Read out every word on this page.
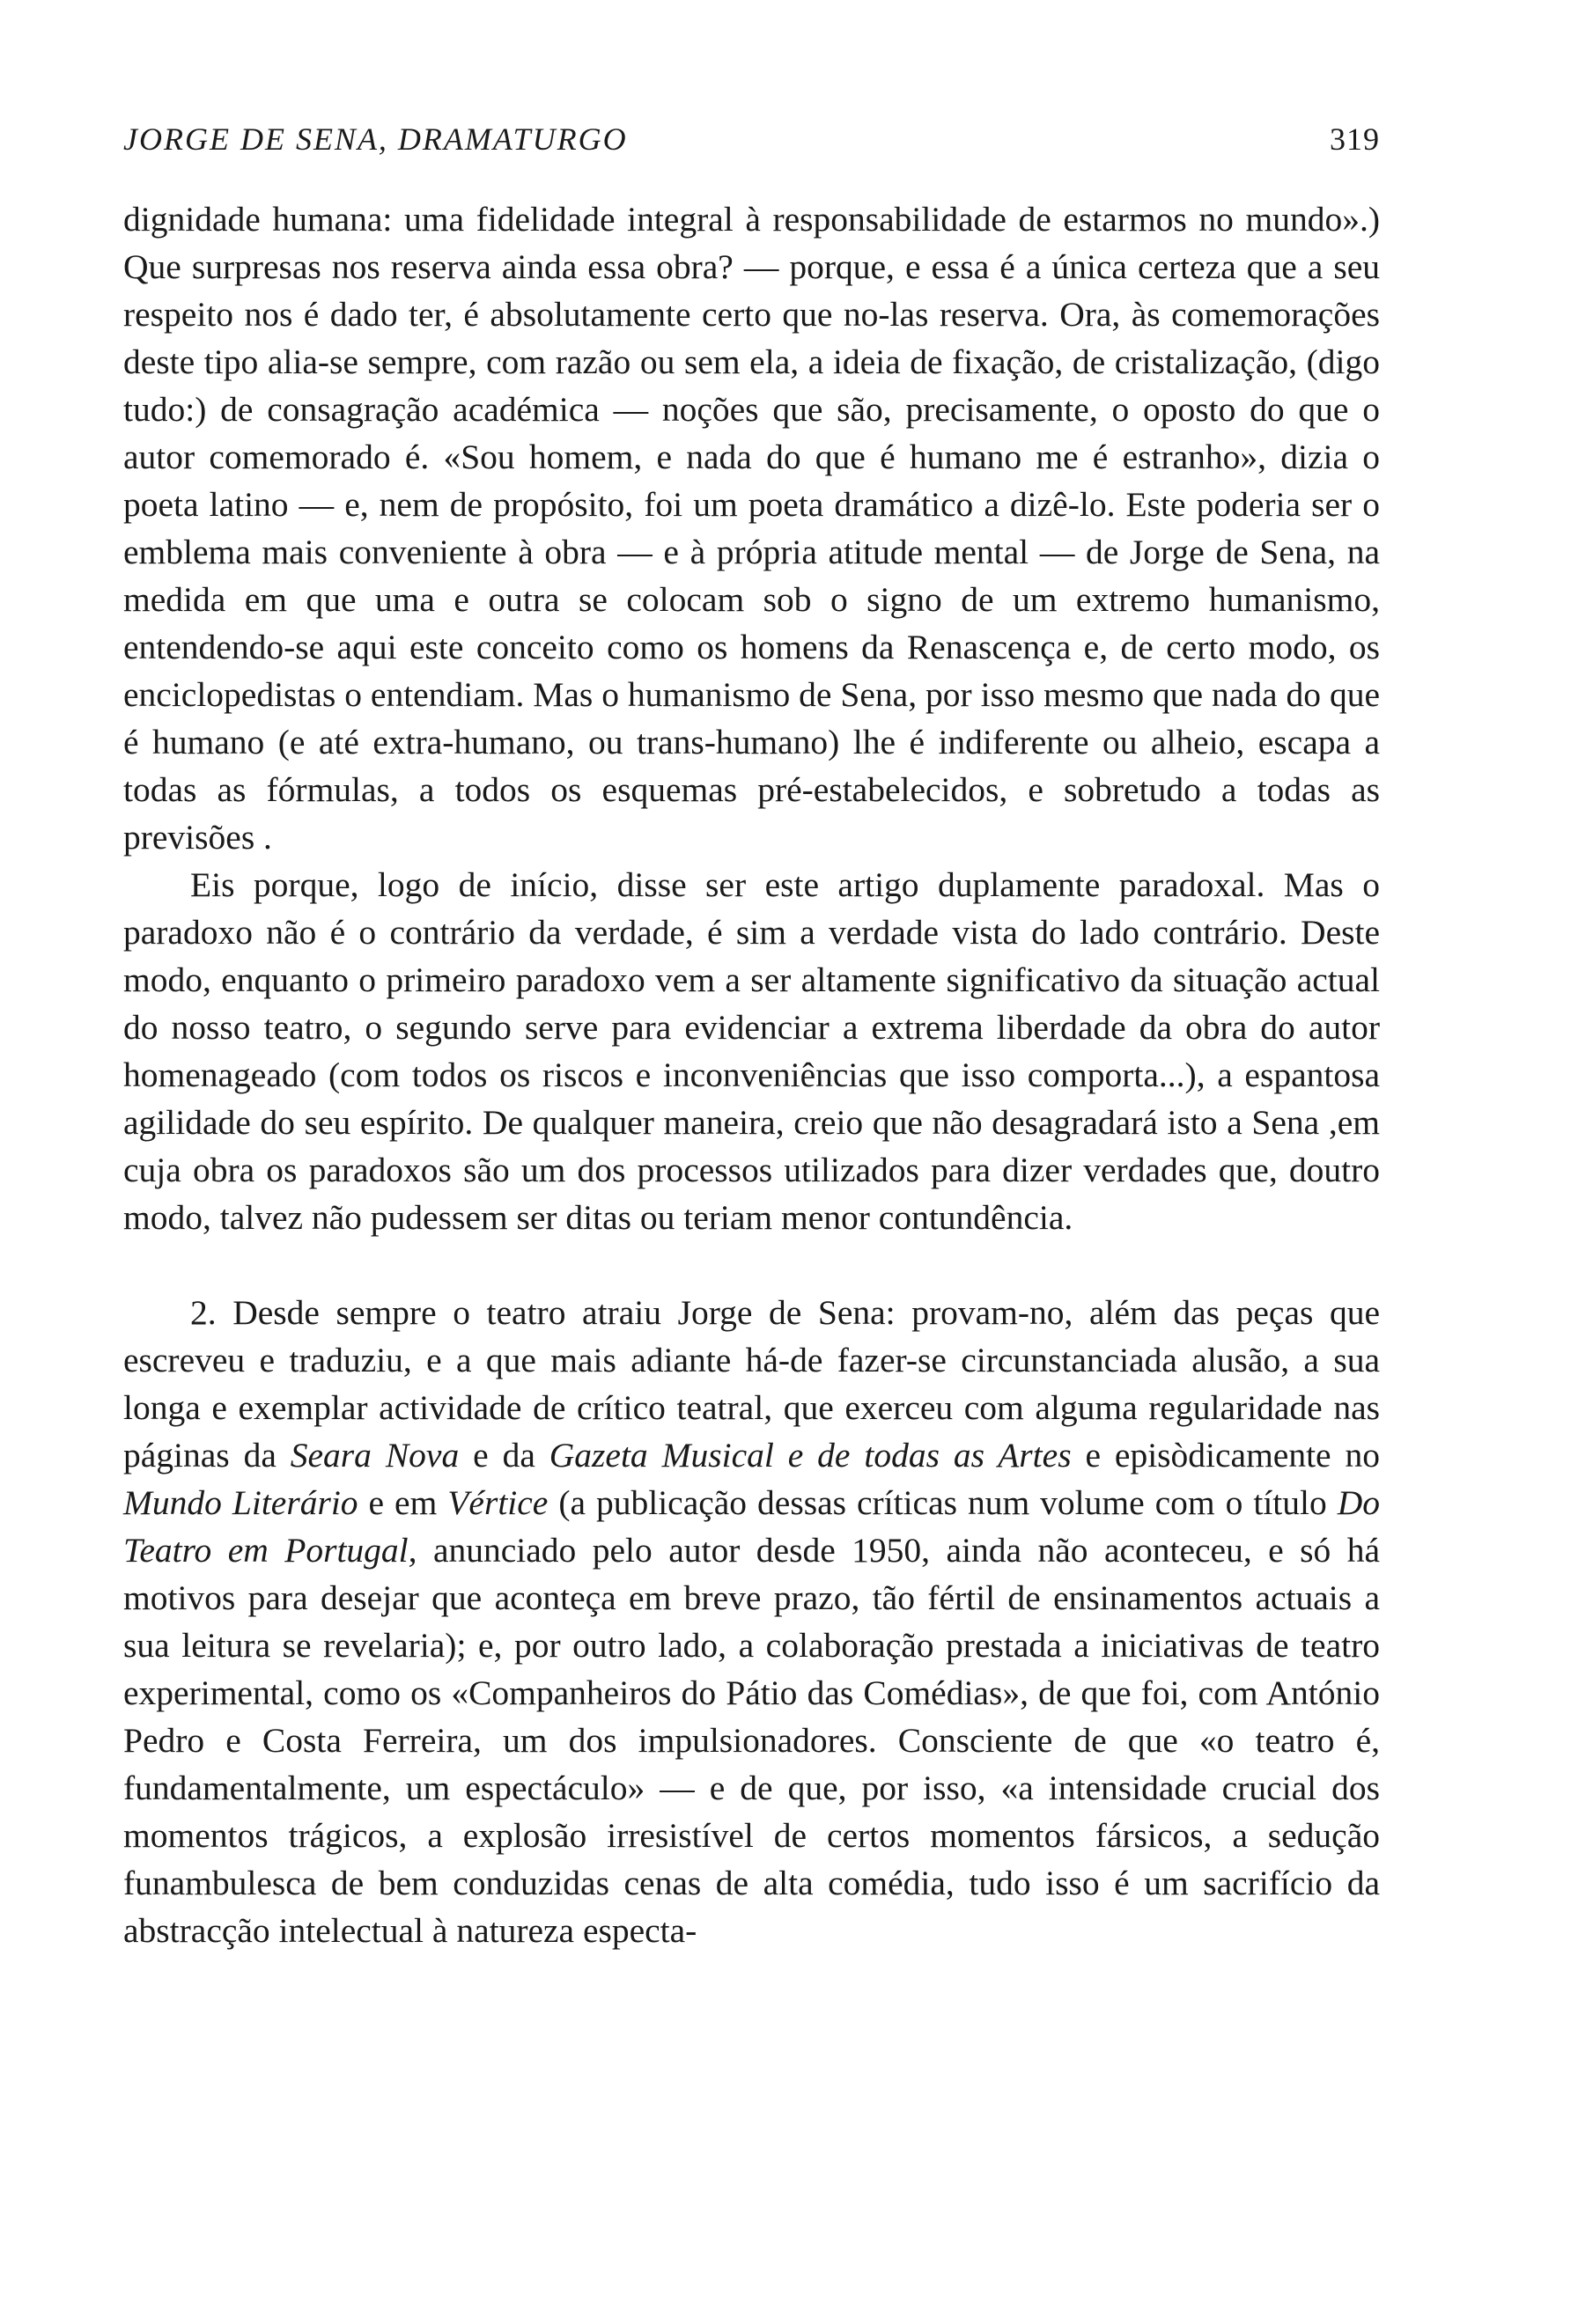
JORGE DE SENA, DRAMATURGO	319

dignidade humana: uma fidelidade integral à responsabilidade de estarmos no mundo».) Que surpresas nos reserva ainda essa obra? — porque, e essa é a única certeza que a seu respeito nos é dado ter, é absolutamente certo que no-las reserva. Ora, às comemorações deste tipo alia-se sempre, com razão ou sem ela, a ideia de fixação, de cristalização, (digo tudo:) de consagração académica — noções que são, precisamente, o oposto do que o autor comemorado é. «Sou homem, e nada do que é humano me é estranho», dizia o poeta latino — e, nem de propósito, foi um poeta dramático a dizê-lo. Este poderia ser o emblema mais conveniente à obra — e à própria atitude mental — de Jorge de Sena, na medida em que uma e outra se colocam sob o signo de um extremo humanismo, entendendo-se aqui este conceito como os homens da Renascença e, de certo modo, os enciclopedistas o entendiam. Mas o humanismo de Sena, por isso mesmo que nada do que é humano (e até extra-humano, ou trans-humano) lhe é indiferente ou alheio, escapa a todas as fórmulas, a todos os esquemas pré-estabelecidos, e sobretudo a todas as previsões .

Eis porque, logo de início, disse ser este artigo duplamente paradoxal. Mas o paradoxo não é o contrário da verdade, é sim a verdade vista do lado contrário. Deste modo, enquanto o primeiro paradoxo vem a ser altamente significativo da situação actual do nosso teatro, o segundo serve para evidenciar a extrema liberdade da obra do autor homenageado (com todos os riscos e inconveniências que isso comporta...), a espantosa agilidade do seu espírito. De qualquer maneira, creio que não desagradará isto a Sena ,em cuja obra os paradoxos são um dos processos utilizados para dizer verdades que, doutro modo, talvez não pudessem ser ditas ou teriam menor contundência.

2. Desde sempre o teatro atraiu Jorge de Sena: provam-no, além das peças que escreveu e traduziu, e a que mais adiante há-de fazer-se circunstanciada alusão, a sua longa e exemplar actividade de crítico teatral, que exerceu com alguma regularidade nas páginas da Seara Nova e da Gazeta Musical e de todas as Artes e episòdicamente no Mundo Literário e em Vértice (a publicação dessas críticas num volume com o título Do Teatro em Portugal, anunciado pelo autor desde 1950, ainda não aconteceu, e só há motivos para desejar que aconteça em breve prazo, tão fértil de ensinamentos actuais a sua leitura se revelaria); e, por outro lado, a colaboração prestada a iniciativas de teatro experimental, como os «Companheiros do Pátio das Comédias», de que foi, com António Pedro e Costa Ferreira, um dos impulsionadores. Consciente de que «o teatro é, fundamentalmente, um espectáculo» — e de que, por isso, «a intensidade crucial dos momentos trágicos, a explosão irresistível de certos momentos fársicos, a sedução funambulesca de bem conduzidas cenas de alta comédia, tudo isso é um sacrifício da abstracção intelectual à natureza especta-
